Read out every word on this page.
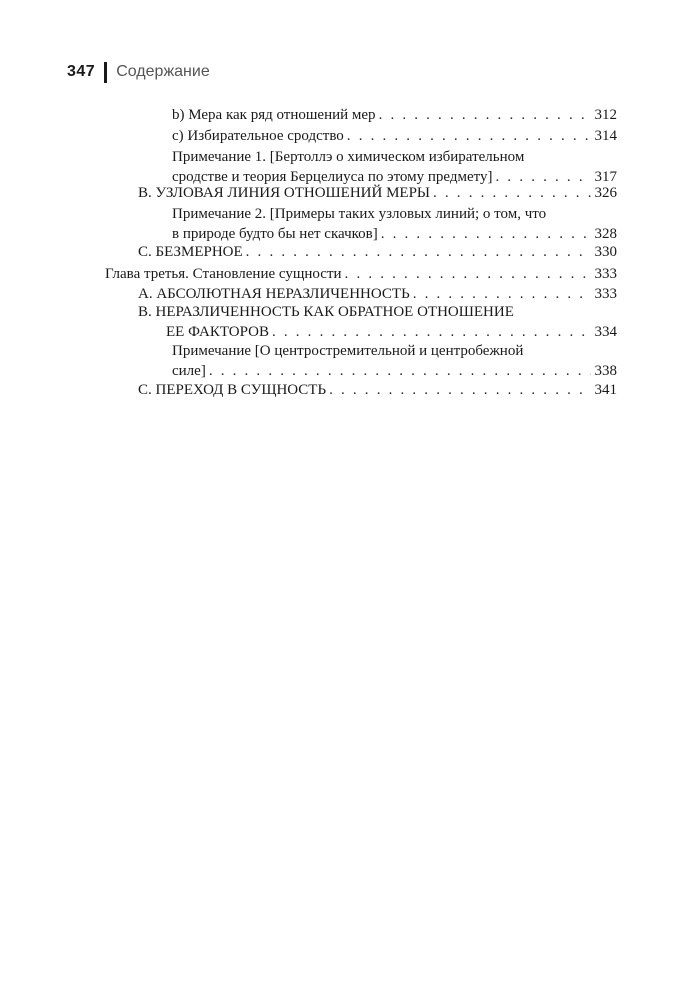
347 Содержание
b) Мера как ряд отношений мер . . .	312
c) Избирательное сродство . . .	314
Примечание 1. [Бертоллэ о химическом избирательном
сродстве и теория Берцелиуса по этому предмету] . . .	317
B. УЗЛОВАЯ ЛИНИЯ ОТНОШЕНИЙ МЕРЫ . . .	326
Примечание 2. [Примеры таких узловых линий; о том, что
в природе будто бы нет скачков] . . .	328
C. БЕЗМЕРНОЕ . . .	330
Глава третья. Становление сущности . . .	333
A. АБСОЛЮТНАЯ НЕРАЗЛИЧЕННОСТЬ . . .	333
B. НЕРАЗЛИЧЕННОСТЬ КАК ОБРАТНОЕ ОТНОШЕНИЕ
ЕЕ ФАКТОРОВ . . .	334
Примечание [О центростремительной и центробежной
силе] . . .	338
C. ПЕРЕХОД В СУЩНОСТЬ . . .	341
